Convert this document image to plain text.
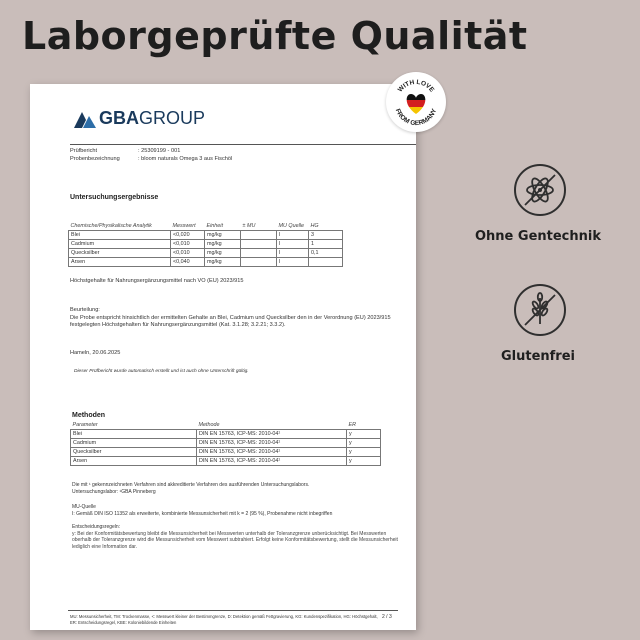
Laborgeprüfte Qualität
GBA GROUP
Prüfbericht	: 25309199 - 001
Probenbezeichnung	: bloom naturals Omega 3 aus Fischöl
Untersuchungsergebnisse
Chemische/Physikalische Analytik	Messwert	Einheit	± MU	MU Quelle	HG
Blei	<0,020	mg/kg		I	3
Cadmium	<0,010	mg/kg		I	1
Quecksilber	<0,010	mg/kg		I	0,1
Arsen	<0,040	mg/kg		I	
Höchstgehalte für Nahrungsergänzungsmittel nach VO (EU) 2023/915
Beurteilung:
Die Probe entspricht hinsichtlich der ermittelten Gehalte an Blei, Cadmium und Quecksilber den in der Verordnung (EU) 2023/915 festgelegten Höchstgehalten für Nahrungsergänzungsmittel (Kat. 3.1.28; 3.2.21; 3.3.2).
Hameln, 20.06.2025
Dieser Prüfbericht wurde automatisch erstellt und ist auch ohne Unterschrift gültig.
Methoden
Parameter	Methode	ER
Blei	DIN EN 15763, ICP-MS: 2010-04¹	y
Cadmium	DIN EN 15763, ICP-MS: 2010-04¹	y
Quecksilber	DIN EN 15763, ICP-MS: 2010-04¹	y
Arsen	DIN EN 15763, ICP-MS: 2010-04¹	y
Die mit ¹ gekennzeichneten Verfahren sind akkreditierte Verfahren des ausführenden Untersuchungslabors.
Untersuchungslabor: ¹GBA Pinneberg
MU-Quelle
I: Gemäß DIN ISO 11352 als erweiterte, kombinierte Messunsicherheit mit k = 2 (95 %), Probenahme nicht inbegriffen
Entscheidungsregeln:
y: Bei der Konformitätsbewertung bleibt die Messunsicherheit bei Messwerten unterhalb der Toleranzgrenze unberücksichtigt. Bei Messwerten oberhalb der Toleranzgrenze wird die Messunsicherheit vom Messwert subtrahiert. Erfolgt keine Konformitätsbewertung, stellt die Messunsicherheit lediglich eine Information dar.
MU: Messunsicherheit, TM: Trockenmasse, <: Messwert kleiner der Bestimmgrenze, D: Detektion gemäß Fettgravierung, KG: Kundenspezifikation, HG: Höchstgehalt,
ER: Entscheidungsregel, KBE: Koloniebildende Einheiten
2 / 3
WITH LOVE
FROM GERMANY
Ohne Gentechnik
Glutenfrei
